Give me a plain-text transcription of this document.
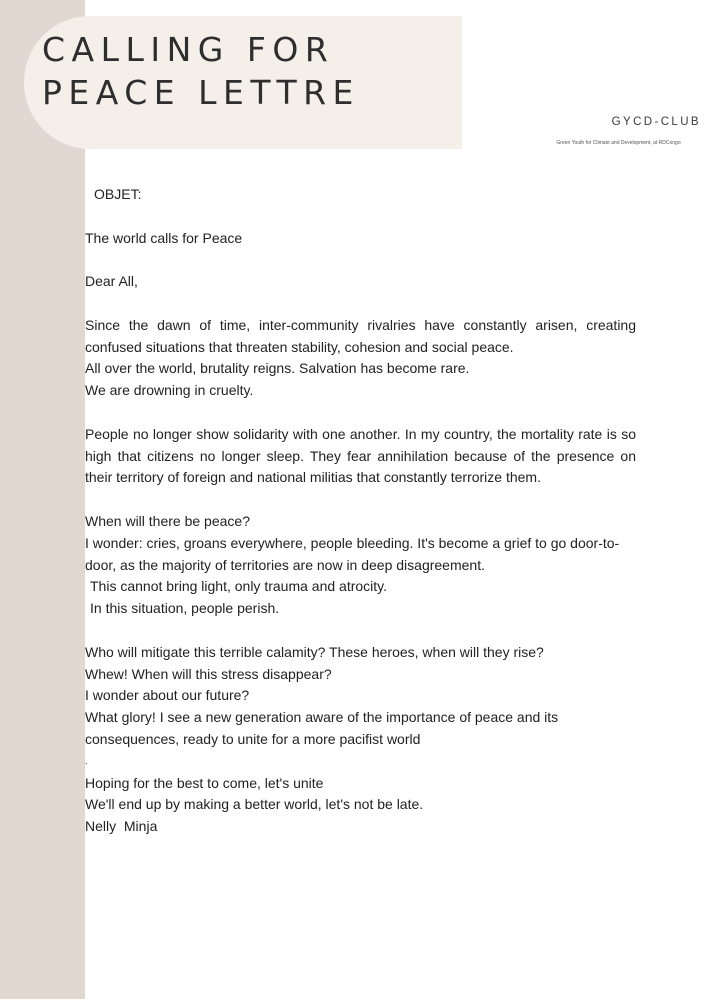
CALLING FOR
PEACE LETTRE
GYCD-CLUB
Green Youth for Climate and Development, at RDCongo

OBJET:

The world calls for Peace

Dear All,

Since the dawn of time, inter-community rivalries have constantly arisen, creating confused situations that threaten stability, cohesion and social peace.

All over the world, brutality reigns. Salvation has become rare.

We are drowning in cruelty.

People no longer show solidarity with one another. In my country, the mortality rate is so high that citizens no longer sleep. They fear annihilation because of the presence on their territory of foreign and national militias that constantly terrorize them.

When will there be peace?

I wonder: cries, groans everywhere, people bleeding. It's become a grief to go door-to-door, as the majority of territories are now in deep disagreement.

This cannot bring light, only trauma and atrocity.

In this situation, people perish.

Who will mitigate this terrible calamity? These heroes, when will they rise?

Whew! When will this stress disappear?

I wonder about our future?

What glory! I see a new generation aware of the importance of peace and its consequences, ready to unite for a more pacifist world

.

Hoping for the best to come, let's unite

We'll end up by making a better world, let's not be late.

Nelly  Minja
